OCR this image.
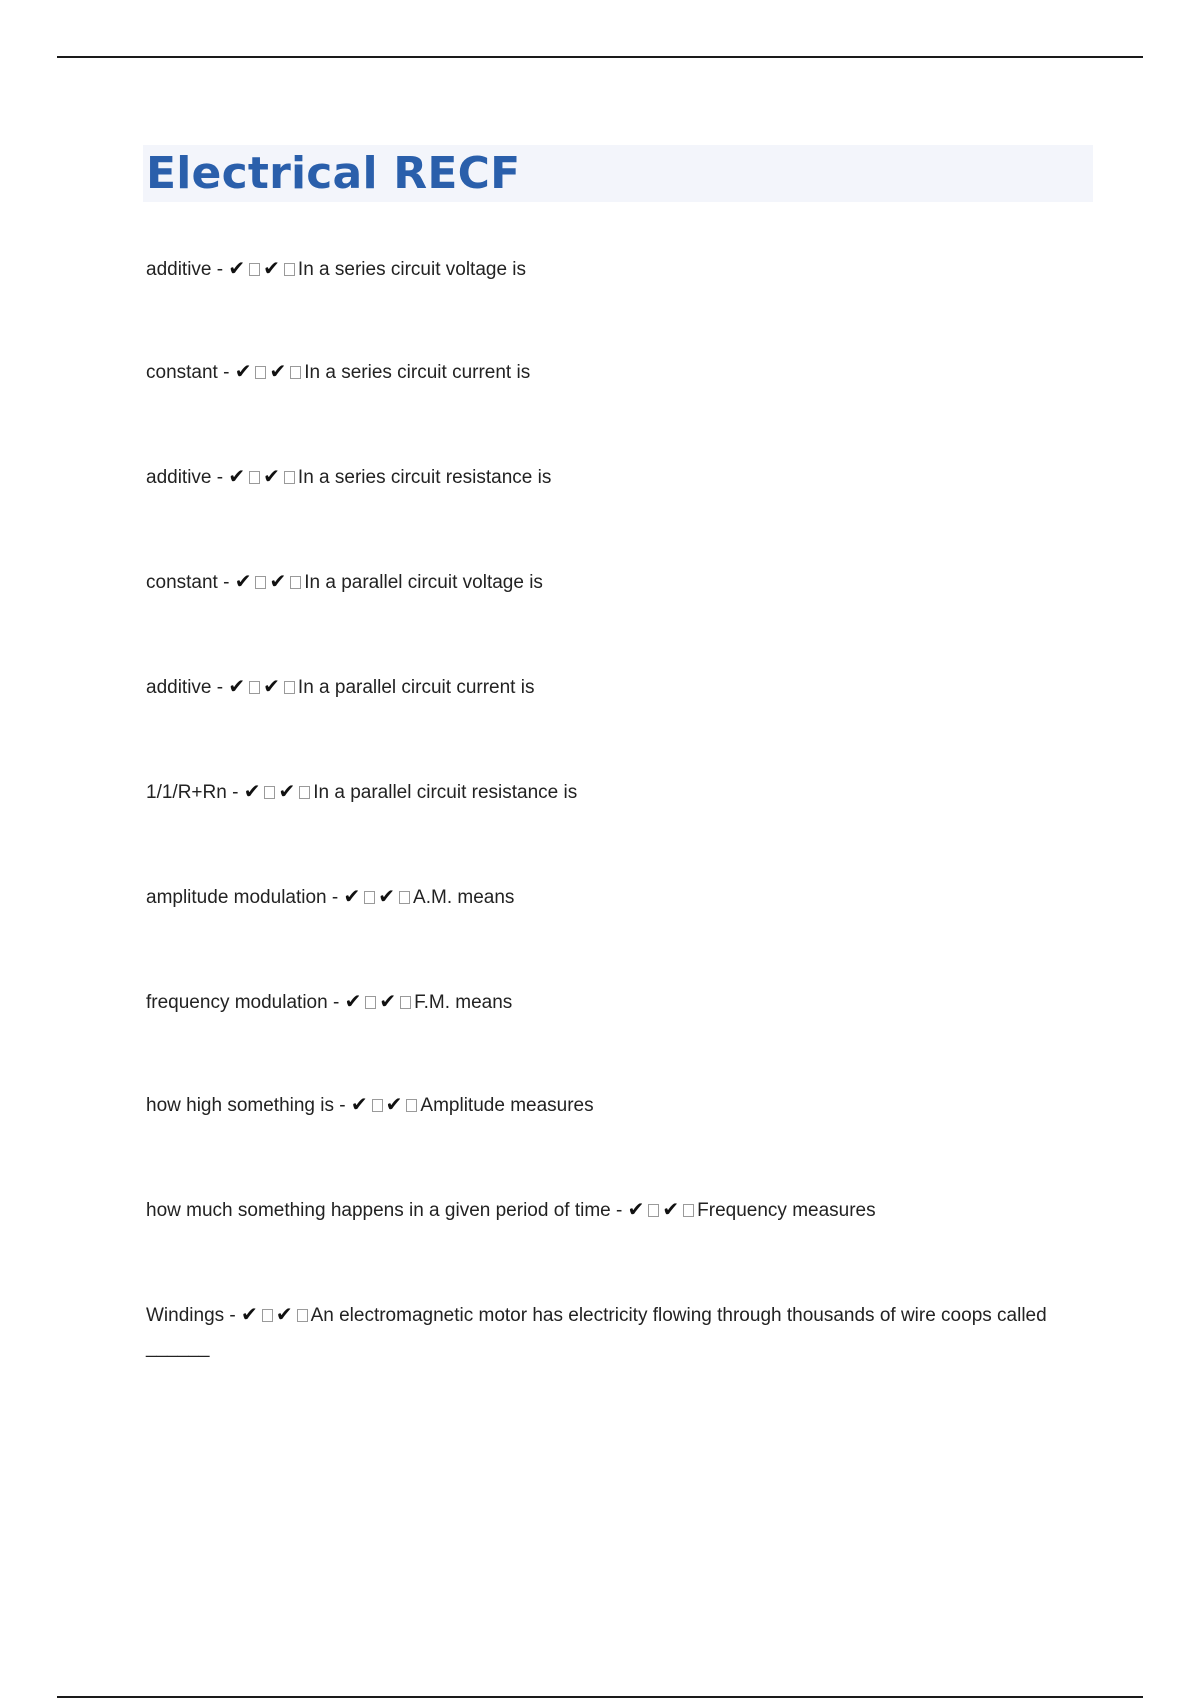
Electrical RECF
additive - ✔ ✔ In a series circuit voltage is
constant - ✔ ✔ In a series circuit current is
additive - ✔ ✔ In a series circuit resistance is
constant - ✔ ✔ In a parallel circuit voltage is
additive - ✔ ✔ In a parallel circuit current is
1/1/R+Rn - ✔ ✔ In a parallel circuit resistance is
amplitude modulation - ✔ ✔ A.M. means
frequency modulation - ✔ ✔ F.M. means
how high something is - ✔ ✔ Amplitude measures
how much something happens in a given period of time - ✔ ✔ Frequency measures
Windings - ✔ ✔ An electromagnetic motor has electricity flowing through thousands of wire coops called ______
